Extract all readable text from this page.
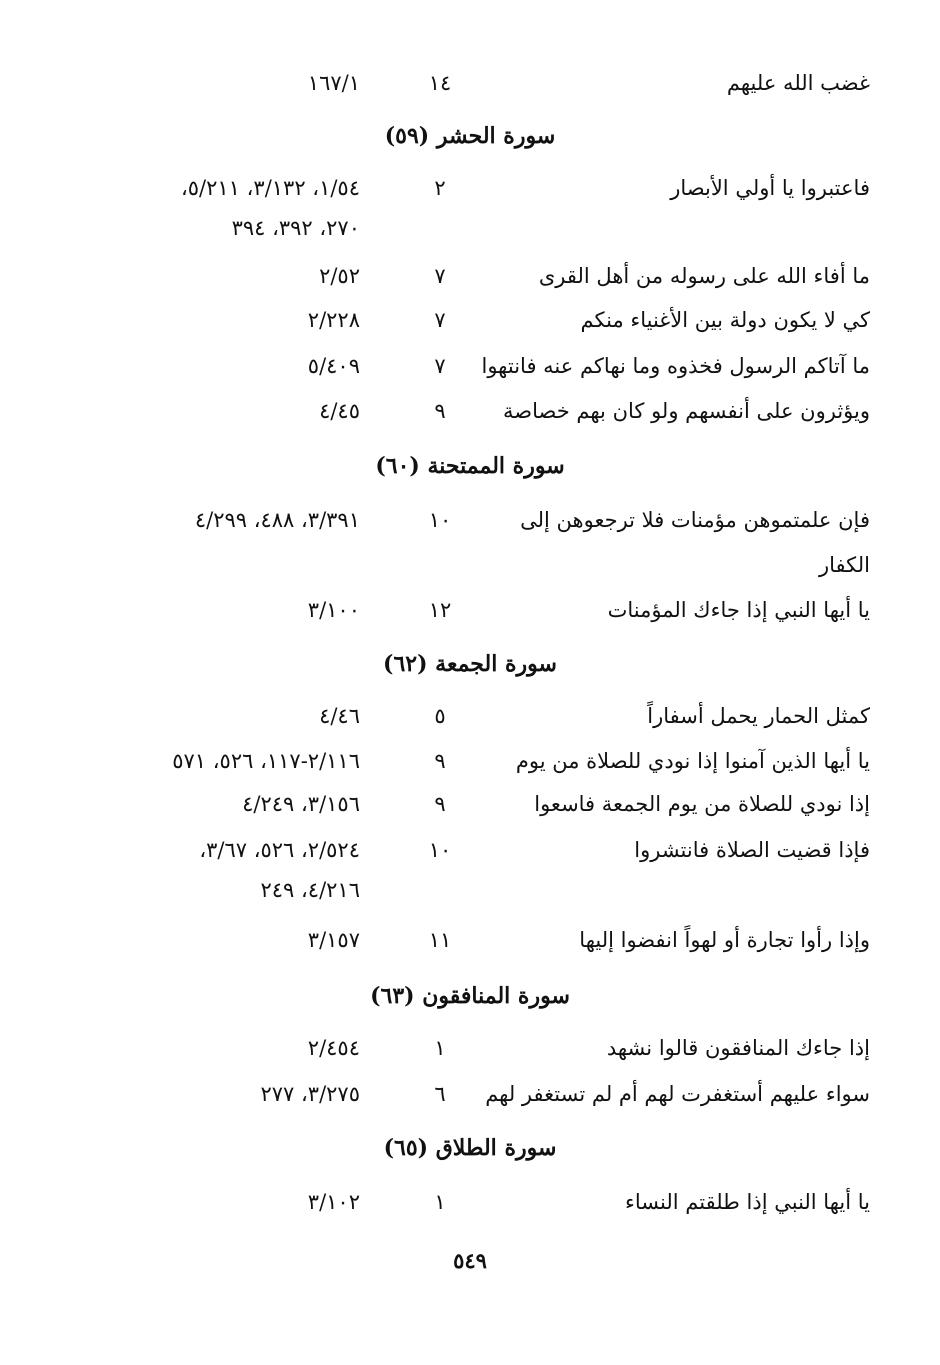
غضب الله عليهم
١٤
١٦٧/١
سورة الحشر (٥٩)
فاعتبروا يا أولي الأبصار
٢
١/٥٤، ٣/١٣٢، ٥/٢١١،
٢٧٠، ٣٩٢، ٣٩٤
ما أفاء الله على رسوله من أهل القرى
٧
٢/٥٢
كي لا يكون دولة بين الأغنياء منكم
٧
٢/٢٢٨
ما آتاكم الرسول فخذوه وما نهاكم عنه فانتهوا
٧
٥/٤٠٩
ويؤثرون على أنفسهم ولو كان بهم خصاصة
٩
٤/٤٥
سورة الممتحنة (٦٠)
فإن علمتموهن مؤمنات فلا ترجعوهن إلى
١٠
٣/٣٩١، ٤٨٨، ٤/٢٩٩
الكفار
يا أيها النبي إذا جاءك المؤمنات
١٢
٣/١٠٠
سورة الجمعة (٦٢)
كمثل الحمار يحمل أسفاراً
٥
٤/٤٦
يا أيها الذين آمنوا إذا نودي للصلاة من يوم
٩
٢/١١٦-١١٧، ٥٢٦، ٥٧١
إذا نودي للصلاة من يوم الجمعة فاسعوا
٩
٣/١٥٦، ٤/٢٤٩
فإذا قضيت الصلاة فانتشروا
١٠
٢/٥٢٤، ٥٢٦، ٣/٦٧،
٤/٢١٦، ٢٤٩
وإذا رأوا تجارة أو لهواً انفضوا إليها
١١
٣/١٥٧
سورة المنافقون (٦٣)
إذا جاءك المنافقون قالوا نشهد
١
٢/٤٥٤
سواء عليهم أستغفرت لهم أم لم تستغفر لهم
٦
٣/٢٧٥، ٢٧٧
سورة الطلاق (٦٥)
يا أيها النبي إذا طلقتم النساء
١
٣/١٠٢
٥٤٩
